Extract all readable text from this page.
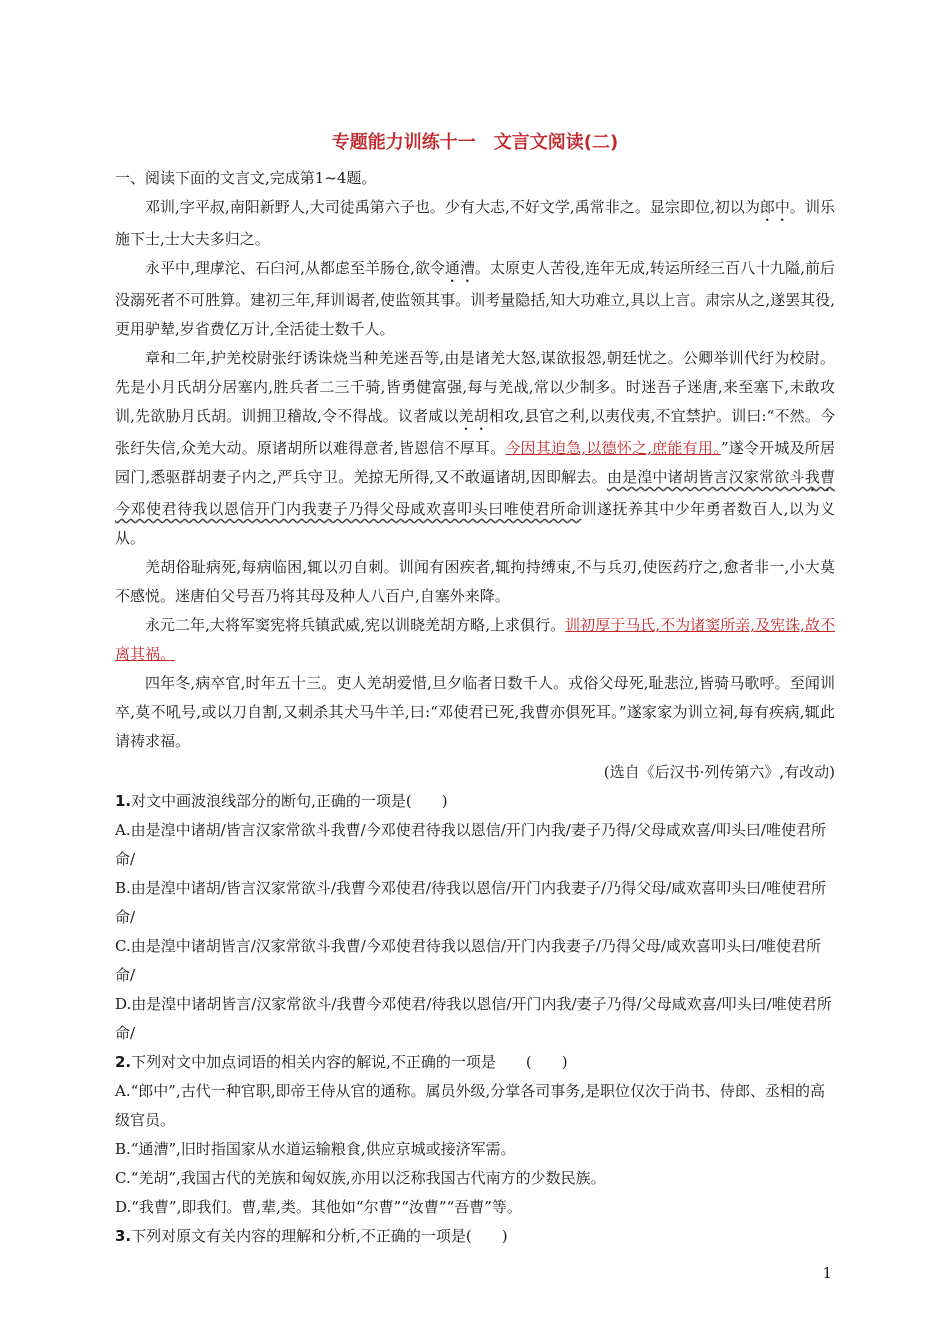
专题能力训练十一　文言文阅读(二)

一、阅读下面的文言文,完成第1~4题。

邓训,字平叔,南阳新野人,大司徒禹第六子也。少有大志,不好文学,禹常非之。显宗即位,初以为郎中。训乐施下士,士大夫多归之。

永平中,理虖沱、石臼河,从都虑至羊肠仓,欲令通漕。太原吏人苦役,连年无成,转运所经三百八十九隘,前后没溺死者不可胜算。建初三年,拜训谒者,使监领其事。训考量隐括,知大功难立,具以上言。肃宗从之,遂罢其役,更用驴辇,岁省费亿万计,全活徒士数千人。

章和二年,护羌校尉张纡诱诛烧当种羌迷吾等,由是诸羌大怒,谋欲报怨,朝廷忧之。公卿举训代纡为校尉。先是小月氏胡分居塞内,胜兵者二三千骑,皆勇健富强,每与羌战,常以少制多。时迷吾子迷唐,来至塞下,未敢攻训,先欲胁月氏胡。训拥卫稽故,令不得战。议者咸以羌胡相攻,县官之利,以夷伐夷,不宜禁护。训曰:“不然。今张纡失信,众羌大动。原诸胡所以难得意者,皆恩信不厚耳。今因其迫急,以德怀之,庶能有用。”遂令开城及所居园门,悉驱群胡妻子内之,严兵守卫。羌掠无所得,又不敢逼诸胡,因即解去。由是湟中诸胡皆言汉家常欲斗我曹今邓使君待我以恩信开门内我妻子乃得父母咸欢喜叩头曰唯使君所命训遂抚养其中少年勇者数百人,以为义从。

羌胡俗耻病死,每病临困,辄以刃自刺。训闻有困疾者,辄拘持缚束,不与兵刃,使医药疗之,愈者非一,小大莫不感悦。迷唐伯父号吾乃将其母及种人八百户,自塞外来降。

永元二年,大将军窦宪将兵镇武威,宪以训晓羌胡方略,上求俱行。训初厚于马氏,不为诸窦所亲,及宪诛,故不离其祸。

四年冬,病卒官,时年五十三。吏人羌胡爱惜,旦夕临者日数千人。戎俗父母死,耻悲泣,皆骑马歌呼。至闻训卒,莫不吼号,或以刀自割,又刺杀其犬马牛羊,曰:“邓使君已死,我曹亦俱死耳。”遂家家为训立祠,每有疾病,辄此请祷求福。

(选自《后汉书·列传第六》,有改动)

1.对文中画波浪线部分的断句,正确的一项是(　　)

A.由是湟中诸胡/皆言汉家常欲斗我曹/今邓使君待我以恩信/开门内我/妻子乃得/父母咸欢喜/叩头曰/唯使君所命/

B.由是湟中诸胡/皆言汉家常欲斗/我曹今邓使君/待我以恩信/开门内我妻子/乃得父母/咸欢喜叩头曰/唯使君所命/

C.由是湟中诸胡皆言/汉家常欲斗我曹/今邓使君待我以恩信/开门内我妻子/乃得父母/咸欢喜叩头曰/唯使君所命/

D.由是湟中诸胡皆言/汉家常欲斗/我曹今邓使君/待我以恩信/开门内我/妻子乃得/父母咸欢喜/叩头曰/唯使君所命/

2.下列对文中加点词语的相关内容的解说,不正确的一项是　　(　　)

A.“郎中”,古代一种官职,即帝王侍从官的通称。属员外级,分掌各司事务,是职位仅次于尚书、侍郎、丞相的高级官员。

B.“通漕”,旧时指国家从水道运输粮食,供应京城或接济军需。

C.“羌胡”,我国古代的羌族和匈奴族,亦用以泛称我国古代南方的少数民族。

D.“我曹”,即我们。曹,辈,类。其他如“尔曹”“汝曹”“吾曹”等。

3.下列对原文有关内容的理解和分析,不正确的一项是(　　)

1
